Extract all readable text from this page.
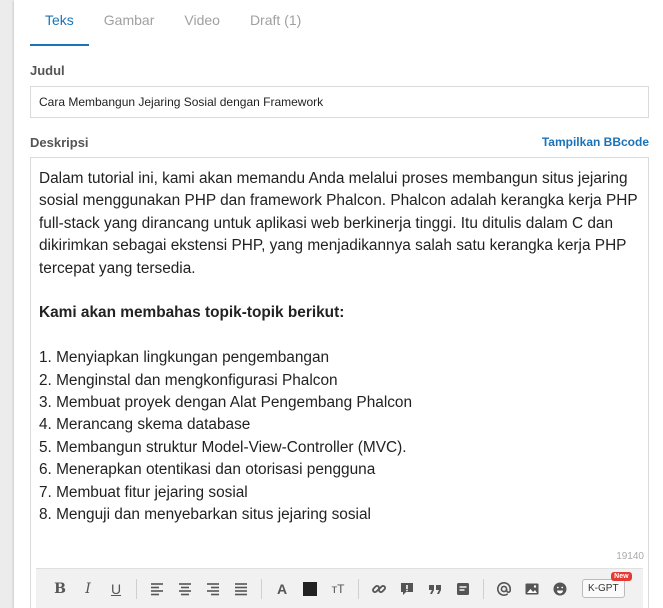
Teks	Gambar	Video	Draft (1)
Judul
Cara Membangun Jejaring Sosial dengan Framework
Deskripsi	Tampilkan BBcode

Dalam tutorial ini, kami akan memandu Anda melalui proses membangun situs jejaring sosial menggunakan PHP dan framework Phalcon. Phalcon adalah kerangka kerja PHP full-stack yang dirancang untuk aplikasi web berkinerja tinggi. Itu ditulis dalam C dan dikirimkan sebagai ekstensi PHP, yang menjadikannya salah satu kerangka kerja PHP tercepat yang tersedia.

Kami akan membahas topik-topik berikut:

1. Menyiapkan lingkungan pengembangan

2. Menginstal dan mengkonfigurasi Phalcon

3. Membuat proyek dengan Alat Pengembang Phalcon

4. Merancang skema database

5. Membangun struktur Model-View-Controller (MVC).

6. Menerapkan otentikasi dan otorisasi pengguna

7. Membuat fitur jejaring sosial

8. Menguji dan menyebarkan situs jejaring sosial

19140
B	I	U	A	тT	K-GPT
New
